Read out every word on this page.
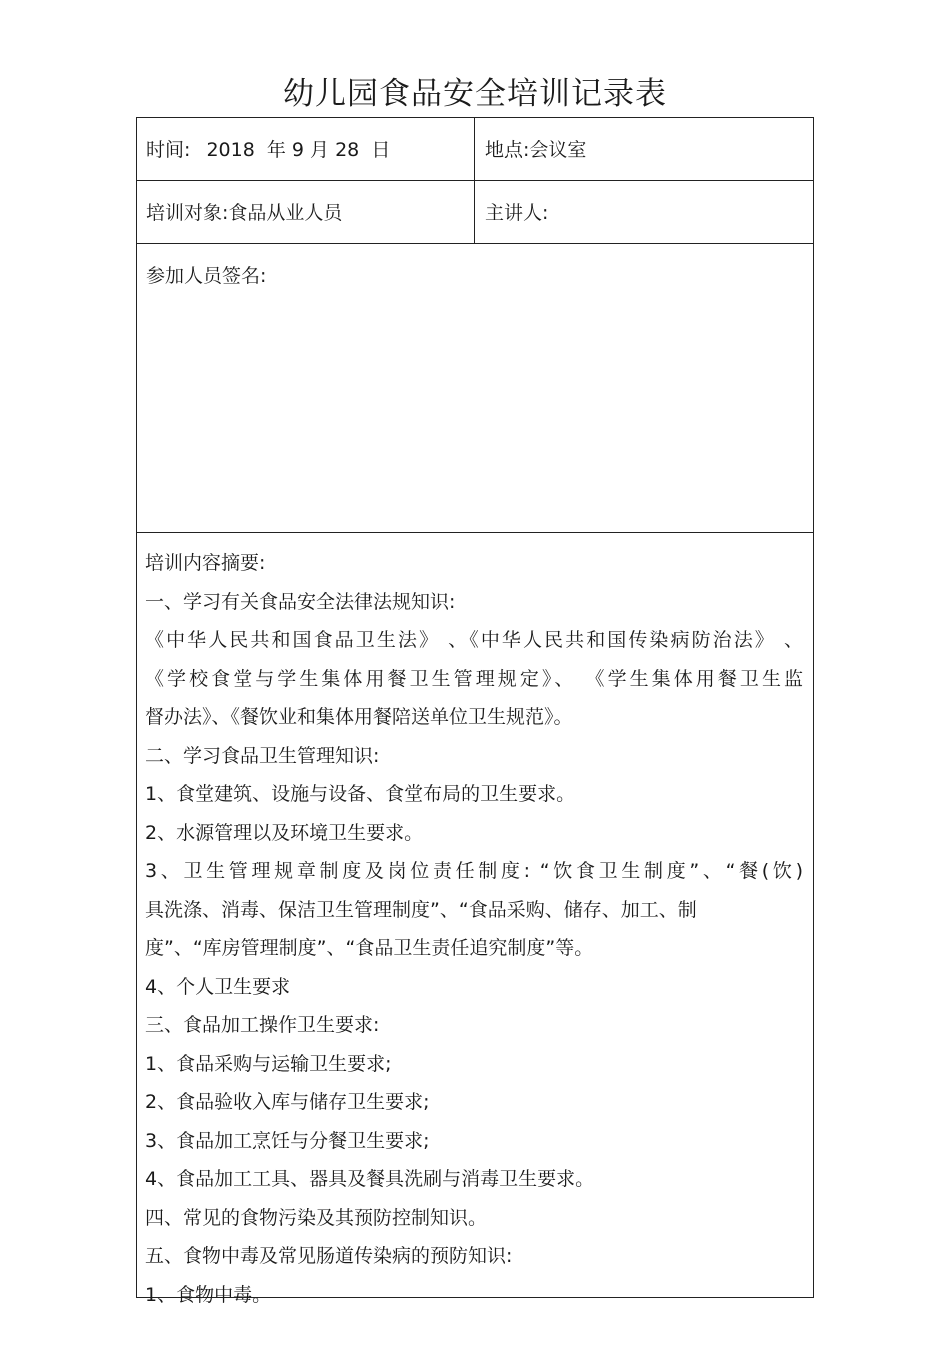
幼儿园食品安全培训记录表
时间: 2018  年 9 月 28  日	地点:会议室
培训对象:食品从业人员	主讲人:
参加人员签名:
培训内容摘要:
一、学习有关食品安全法律法规知识:
《中华人民共和国食品卫生法》 、《中华人民共和国传染病防治法》 、
《学校食堂与学生集体用餐卫生管理规定》、 《学生集体用餐卫生监
督办法》、《餐饮业和集体用餐陪送单位卫生规范》。
二、学习食品卫生管理知识:
1、食堂建筑、设施与设备、食堂布局的卫生要求。
2、水源管理以及环境卫生要求。
3、卫生管理规章制度及岗位责任制度: “饮食卫生制度”、“餐(饮)
具洗涤、消毒、保洁卫生管理制度”、“食品采购、储存、加工、制
度”、“库房管理制度”、“食品卫生责任追究制度”等。
4、个人卫生要求
三、食品加工操作卫生要求:
1、食品采购与运输卫生要求;
2、食品验收入库与储存卫生要求;
3、食品加工烹饪与分餐卫生要求;
4、食品加工工具、器具及餐具洗刷与消毒卫生要求。
四、常见的食物污染及其预防控制知识。
五、食物中毒及常见肠道传染病的预防知识:
1、食物中毒。
